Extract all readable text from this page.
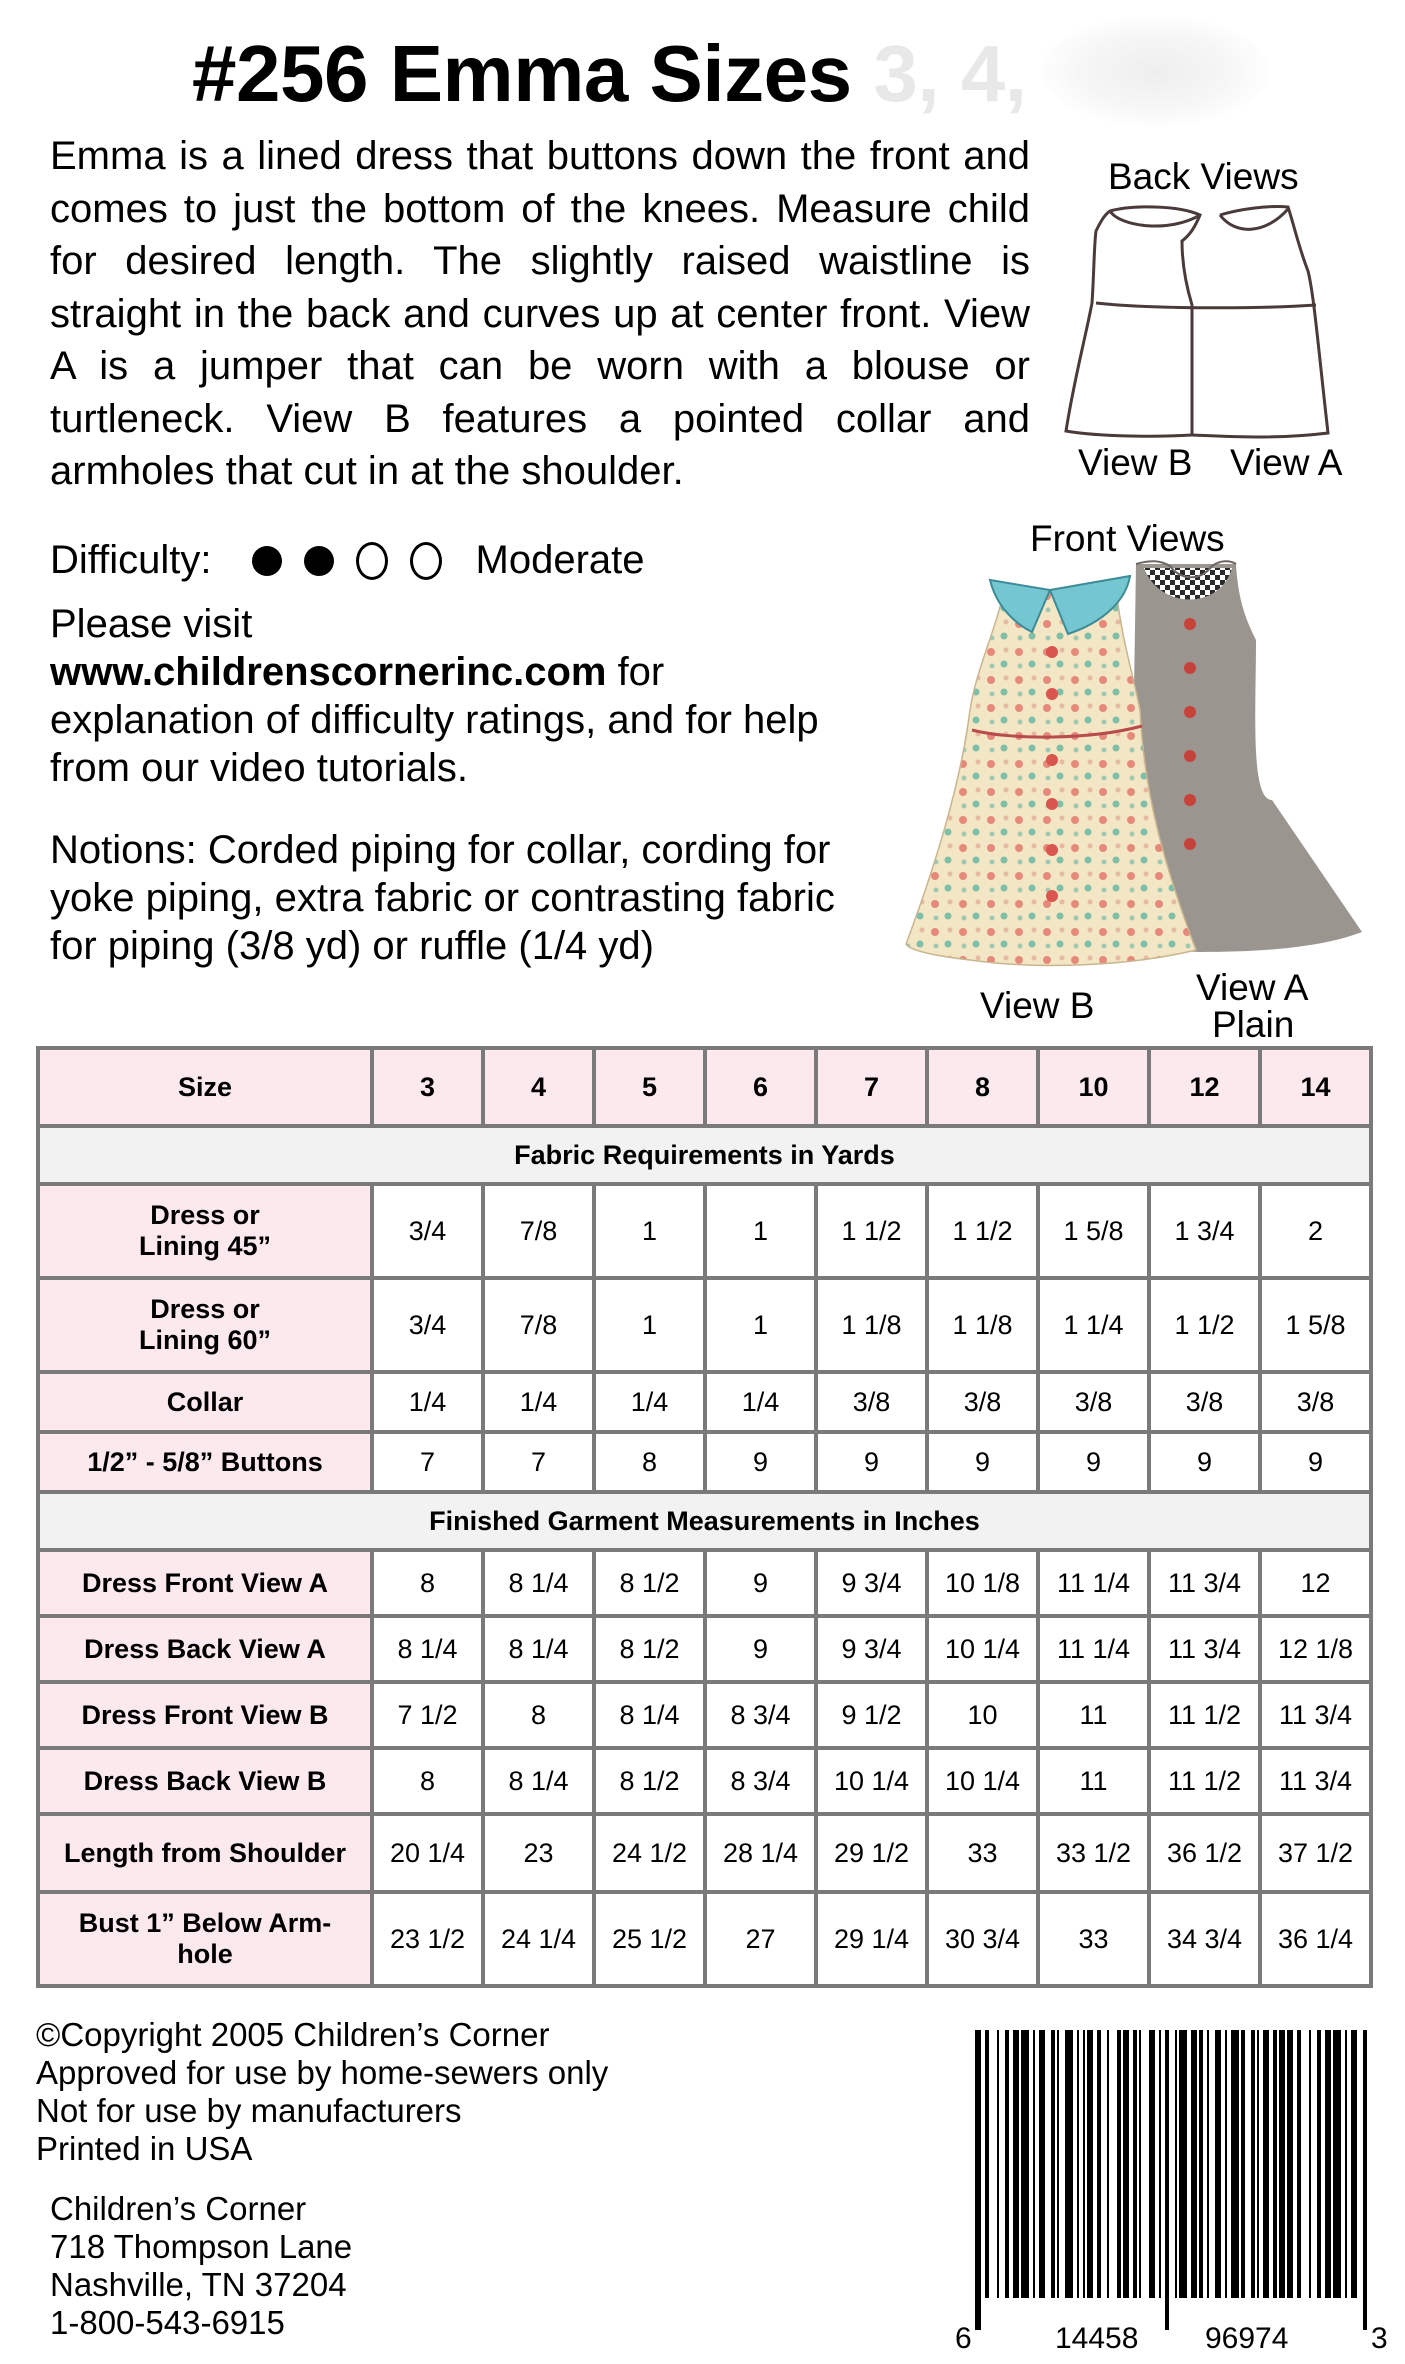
#256 Emma Sizes 3, 4,
Emma is a lined dress that buttons down the front and comes to just the bottom of the knees. Measure child for desired length. The slightly raised waistline is straight in the back and curves up at center front. View A is a jumper that can be worn with a blouse or turtleneck. View B features a pointed collar and armholes that cut in at the shoulder.
Difficulty:	Moderate
Please visit
www.childrenscornerinc.com for explanation of difficulty ratings, and for help from our video tutorials.
Notions: Corded piping for collar, cording for yoke piping, extra fabric or contrasting fabric for piping (3/8 yd) or ruffle (1/4 yd)
Back Views
View B View A
Front Views
View B	View A
Plain
Size	3	4	5	6	7	8	10	12	14
Fabric Requirements in Yards									

Dress or
Lining 45”	3/4	7/8	1	1	1 1/2	1 1/2	1 5/8	1 3/4	2

Dress or
Lining 60”	3/4	7/8	1	1	1 1/8	1 1/8	1 1/4	1 1/2	1 5/8

Collar	1/4	1/4	1/4	1/4	3/8	3/8	3/8	3/8	3/8

1/2” - 5/8” Buttons	7	7	8	9	9	9	9	9	9
Finished Garment Measurements in Inches									

Dress Front View A	8	8 1/4	8 1/2	9	9 3/4	10 1/8	11 1/4	11 3/4	12

Dress Back View A	8 1/4	8 1/4	8 1/2	9	9 3/4	10 1/4	11 1/4	11 3/4	12 1/8

Dress Front View B	7 1/2	8	8 1/4	8 3/4	9 1/2	10	11	11 1/2	11 3/4

Dress Back View B	8	8 1/4	8 1/2	8 3/4	10 1/4	10 1/4	11	11 1/2	11 3/4

Length from Shoulder	20 1/4	23	24 1/2	28 1/4	29 1/2	33	33 1/2	36 1/2	37 1/2

Bust 1” Below Arm-
hole	23 1/2	24 1/4	25 1/2	27	29 1/4	30 3/4	33	34 3/4	36 1/4
©Copyright 2005 Children’s Corner
Approved for use by home-sewers only
Not for use by manufacturers
Printed in USA
Children’s Corner
718 Thompson Lane
Nashville, TN 37204
1-800-543-6915	6	14458 96974	3
